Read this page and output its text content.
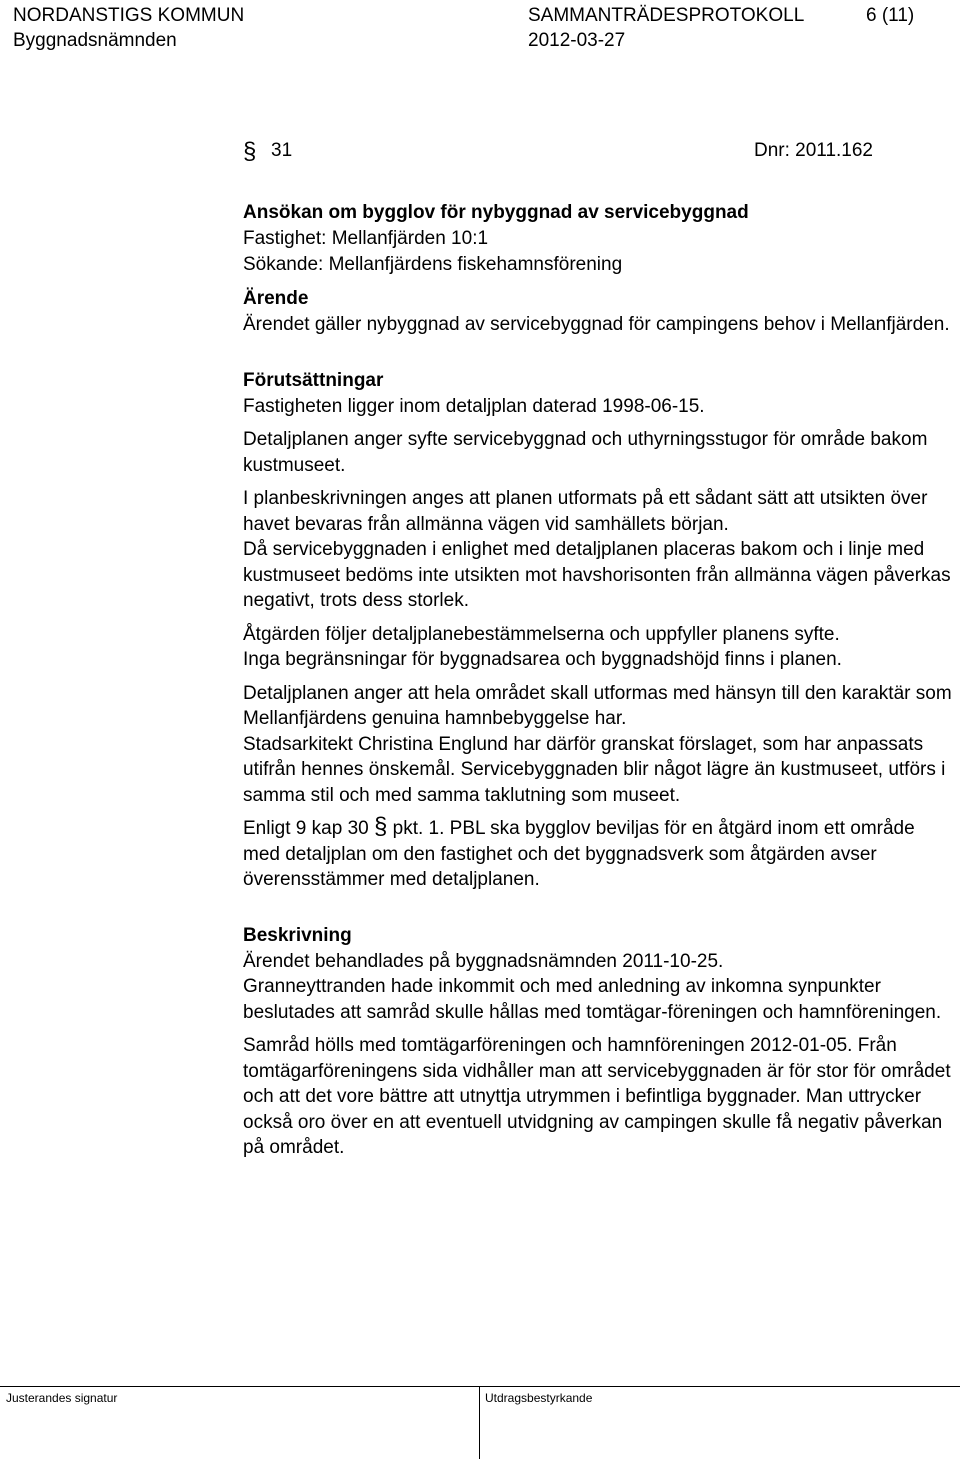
NORDANSTIGS KOMMUN	SAMMANTRÄDESPROTOKOLL	6 (11)
Byggnadsnämnden	2012-03-27
§ 31	Dnr: 2011.162
Ansökan om bygglov för nybyggnad av servicebyggnad
Fastighet: Mellanfjärden 10:1
Sökande: Mellanfjärdens fiskehamnsförening
Ärende

Ärendet gäller nybyggnad av servicebyggnad för campingens behov i Mellanfjärden.

Förutsättningar

Fastigheten ligger inom detaljplan daterad 1998-06-15.

Detaljplanen anger syfte servicebyggnad och uthyrningsstugor för område bakom kustmuseet.

I planbeskrivningen anges att planen utformats på ett sådant sätt att utsikten över havet bevaras från allmänna vägen vid samhällets början.

Då servicebyggnaden i enlighet med detaljplanen placeras bakom och i linje med kustmuseet bedöms inte utsikten mot havshorisonten från allmänna vägen påverkas negativt, trots dess storlek.

Åtgärden följer detaljplanebestämmelserna och uppfyller planens syfte.

Inga begränsningar för byggnadsarea och byggnadshöjd finns i planen.

Detaljplanen anger att hela området skall utformas med hänsyn till den karaktär som Mellanfjärdens genuina hamnbebyggelse har.

Stadsarkitekt Christina Englund har därför granskat förslaget, som har anpassats utifrån hennes önskemål. Servicebyggnaden blir något lägre än kustmuseet, utförs i samma stil och med samma taklutning som museet.

Enligt 9 kap 30 § pkt. 1. PBL ska bygglov beviljas för en åtgärd inom ett område med detaljplan om den fastighet och det byggnadsverk som åtgärden avser överensstämmer med detaljplanen.

Beskrivning

Ärendet behandlades på byggnadsnämnden 2011-10-25.

Granneyttranden hade inkommit och med anledning av inkomna synpunkter beslutades att samråd skulle hållas med tomtägar-föreningen och hamnföreningen.

Samråd hölls med tomtägarföreningen och hamnföreningen 2012-01-05. Från tomtägarföreningens sida vidhåller man att servicebyggnaden är för stor för området och att det vore bättre att utnyttja utrymmen i befintliga byggnader. Man uttrycker också oro över en att eventuell utvidgning av campingen skulle få negativ påverkan på området.

Justerandes signatur	Utdragsbestyrkande
